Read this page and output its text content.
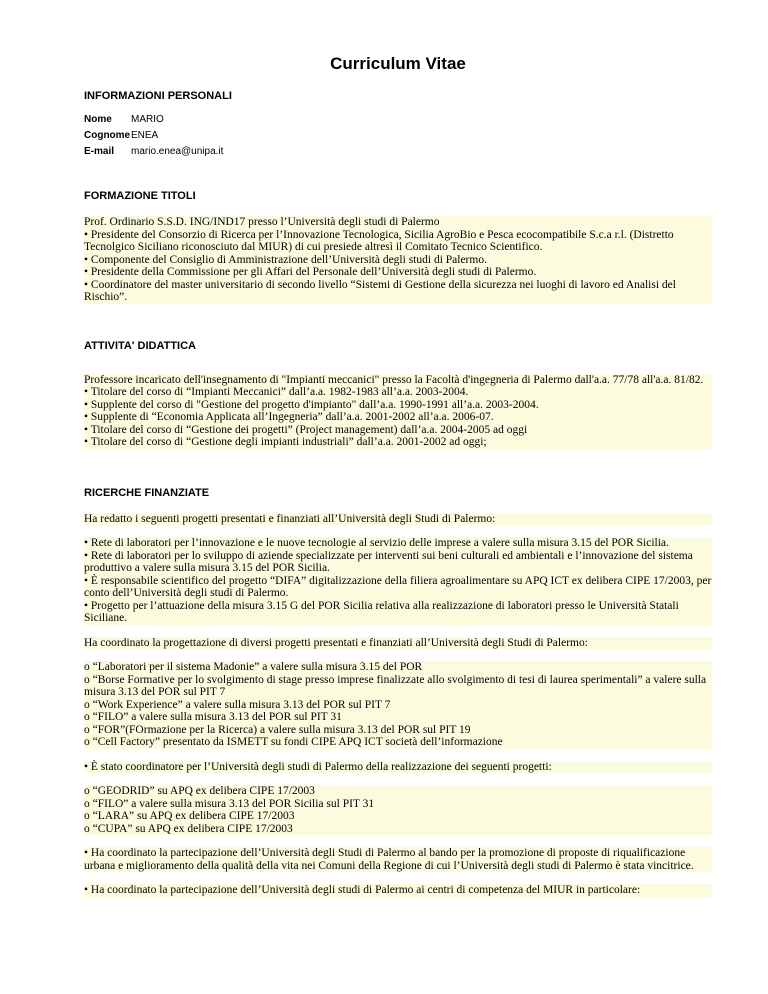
Curriculum Vitae
INFORMAZIONI PERSONALI
Nome	MARIO
Cognome	ENEA
E-mail	mario.enea@unipa.it
FORMAZIONE TITOLI
Prof. Ordinario S.S.D. ING/IND17 presso l’Università degli studi di Palermo
• Presidente del Consorzio di Ricerca per l’Innovazione Tecnologica, Sicilia AgroBio e Pesca ecocompatibile S.c.a r.l. (Distretto Tecnolgico Siciliano riconosciuto dal MIUR) di cui presiede altresì il Comitato Tecnico Scientifico.
• Componente del Consiglio di Amministrazione dell’Università degli studi di Palermo.
• Presidente della Commissione per gli Affari del Personale dell’Università degli studi di Palermo.
• Coordinatore del master universitario di secondo livello “Sistemi di Gestione della sicurezza nei luoghi di lavoro ed Analisi del Rischio”.
ATTIVITA' DIDATTICA
Professore incaricato dell'insegnamento di "Impianti meccanici" presso la Facoltà d'ingegneria di Palermo dall'a.a. 77/78 all'a.a. 81/82.
• Titolare del corso di “Impianti Meccanici” dall’a.a. 1982-1983 all’a.a. 2003-2004.
• Supplente del corso di "Gestione del progetto d'impianto" dall’a.a. 1990-1991 all’a.a. 2003-2004.
• Supplente di “Economia Applicata all’Ingegneria” dall’a.a. 2001-2002 all’a.a. 2006-07.
• Titolare del corso di “Gestione dei progetti” (Project management) dall’a.a. 2004-2005 ad oggi
• Titolare del corso di “Gestione degli impianti industriali” dall’a.a. 2001-2002 ad oggi;
RICERCHE FINANZIATE
Ha redatto i seguenti progetti presentati e finanziati all’Università degli Studi di Palermo:
• Rete di laboratori per l’innovazione e le nuove tecnologie al servizio delle imprese a valere sulla misura 3.15 del POR Sicilia.
• Rete di laboratori per lo sviluppo di aziende specializzate per interventi sui beni culturali ed ambientali e l’innovazione del sistema produttivo a valere sulla misura 3.15 del POR Sicilia.
• È responsabile scientifico del progetto “DIFA” digitalizzazione della filiera agroalimentare su APQ ICT ex delibera CIPE 17/2003, per conto dell’Università degli studi di Palermo.
• Progetto per l’attuazione della misura 3.15 G del POR Sicilia relativa alla realizzazione di laboratori presso le Università Statali Siciliane.
Ha coordinato la progettazione di diversi progetti presentati e finanziati all’Università degli Studi di Palermo:
o “Laboratori per il sistema Madonie” a valere sulla misura 3.15 del POR
o “Borse Formative per lo svolgimento di stage presso imprese finalizzate allo svolgimento di tesi di laurea sperimentali” a valere sulla misura 3.13 del POR sul PIT 7
o “Work Experience” a valere sulla misura 3.13 del POR sul PIT 7
o “FILO” a valere sulla misura 3.13 del POR sul PIT 31
o “FOR”(FOrmazione per la Ricerca) a valere sulla misura 3.13 del POR sul PIT 19
o “Cell Factory” presentato da ISMETT su fondi CIPE APQ ICT società dell’informazione
• È stato coordinatore per l’Università degli studi di Palermo della realizzazione dei seguenti progetti:
o “GEODRID” su APQ ex delibera CIPE 17/2003
o “FILO” a valere sulla misura 3.13 del POR Sicilia sul PIT 31
o “LARA” su APQ ex delibera CIPE 17/2003
o “CUPA” su APQ ex delibera CIPE 17/2003
• Ha coordinato la partecipazione dell’Università degli Studi di Palermo al bando per la promozione di proposte di riqualificazione urbana e miglioramento della qualità della vita nei Comuni della Regione di cui l’Università degli studi di Palermo è stata vincitrice.
• Ha coordinato la partecipazione dell’Università degli studi di Palermo ai centri di competenza del MIUR in particolare:
